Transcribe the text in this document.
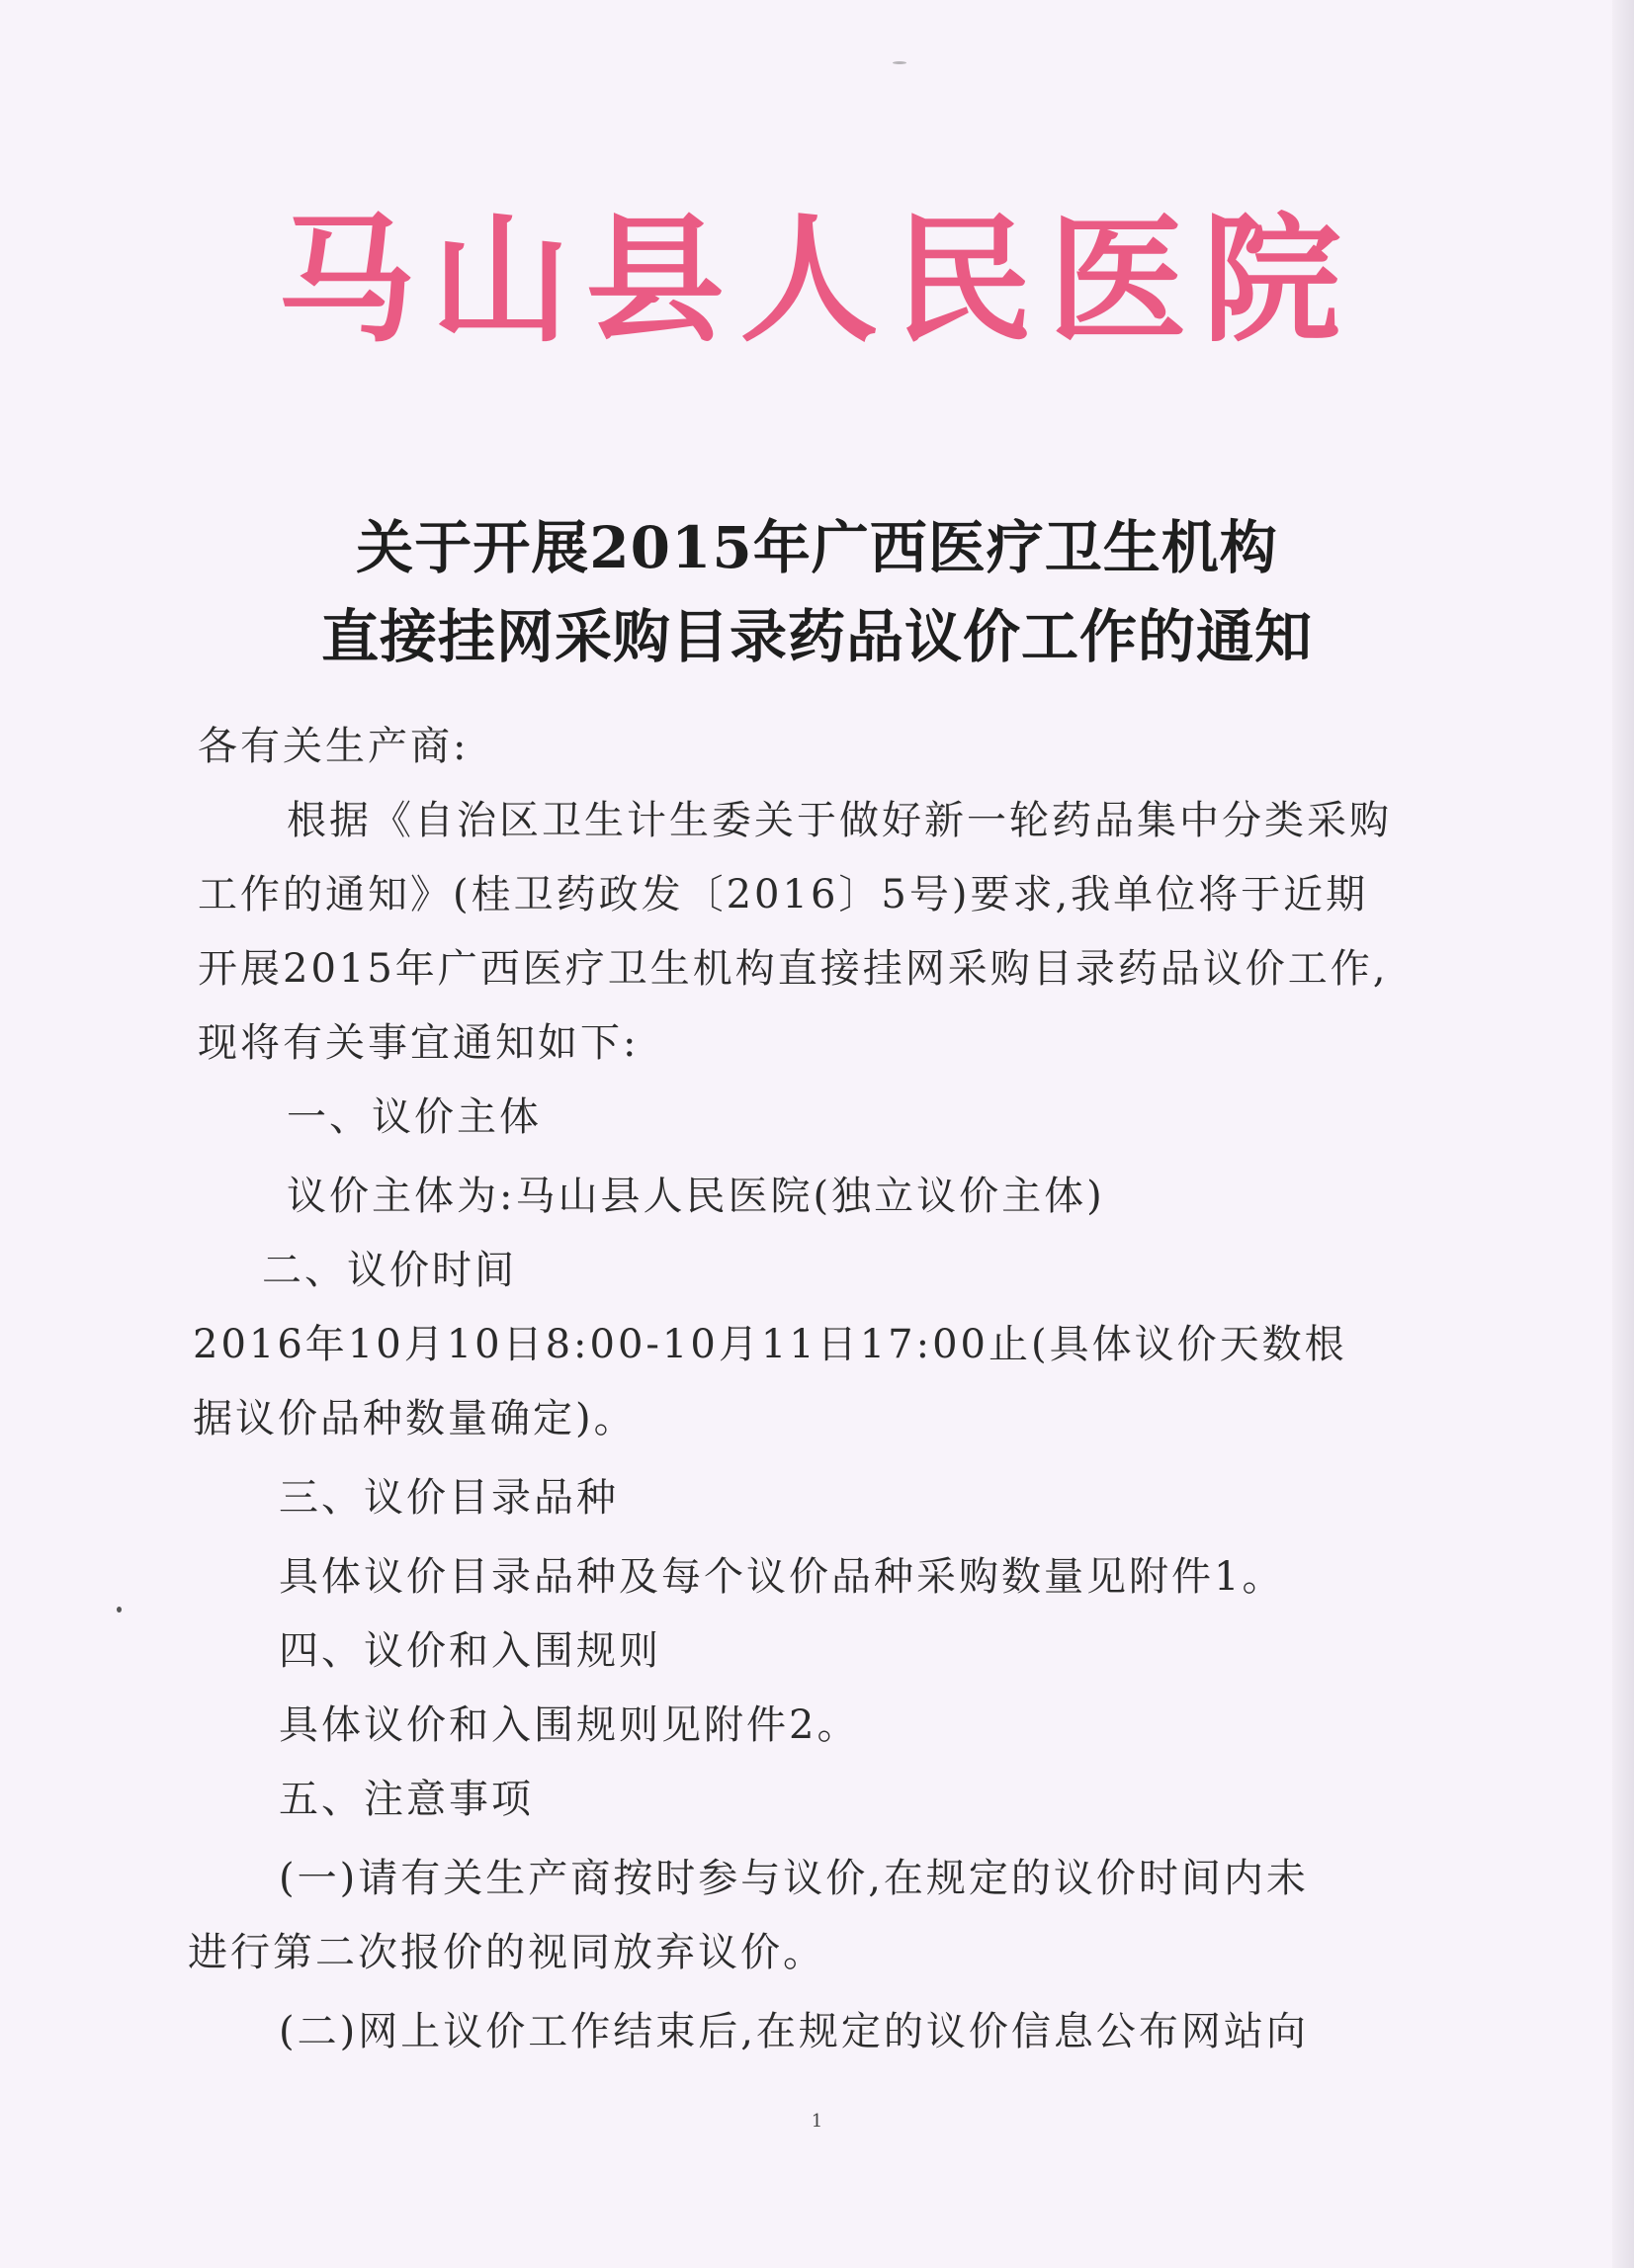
马山县人民医院
关于开展2015年广西医疗卫生机构
直接挂网采购目录药品议价工作的通知
各有关生产商:
根据《自治区卫生计生委关于做好新一轮药品集中分类采购
工作的通知》(桂卫药政发〔2016〕5号)要求,我单位将于近期
开展2015年广西医疗卫生机构直接挂网采购目录药品议价工作,
现将有关事宜通知如下:
一、议价主体
议价主体为:马山县人民医院(独立议价主体)
二、议价时间
2016年10月10日8:00-10月11日17:00止(具体议价天数根
据议价品种数量确定)。
三、议价目录品种
具体议价目录品种及每个议价品种采购数量见附件1。
四、议价和入围规则
具体议价和入围规则见附件2。
五、注意事项
(一)请有关生产商按时参与议价,在规定的议价时间内未
进行第二次报价的视同放弃议价。
(二)网上议价工作结束后,在规定的议价信息公布网站向
1
